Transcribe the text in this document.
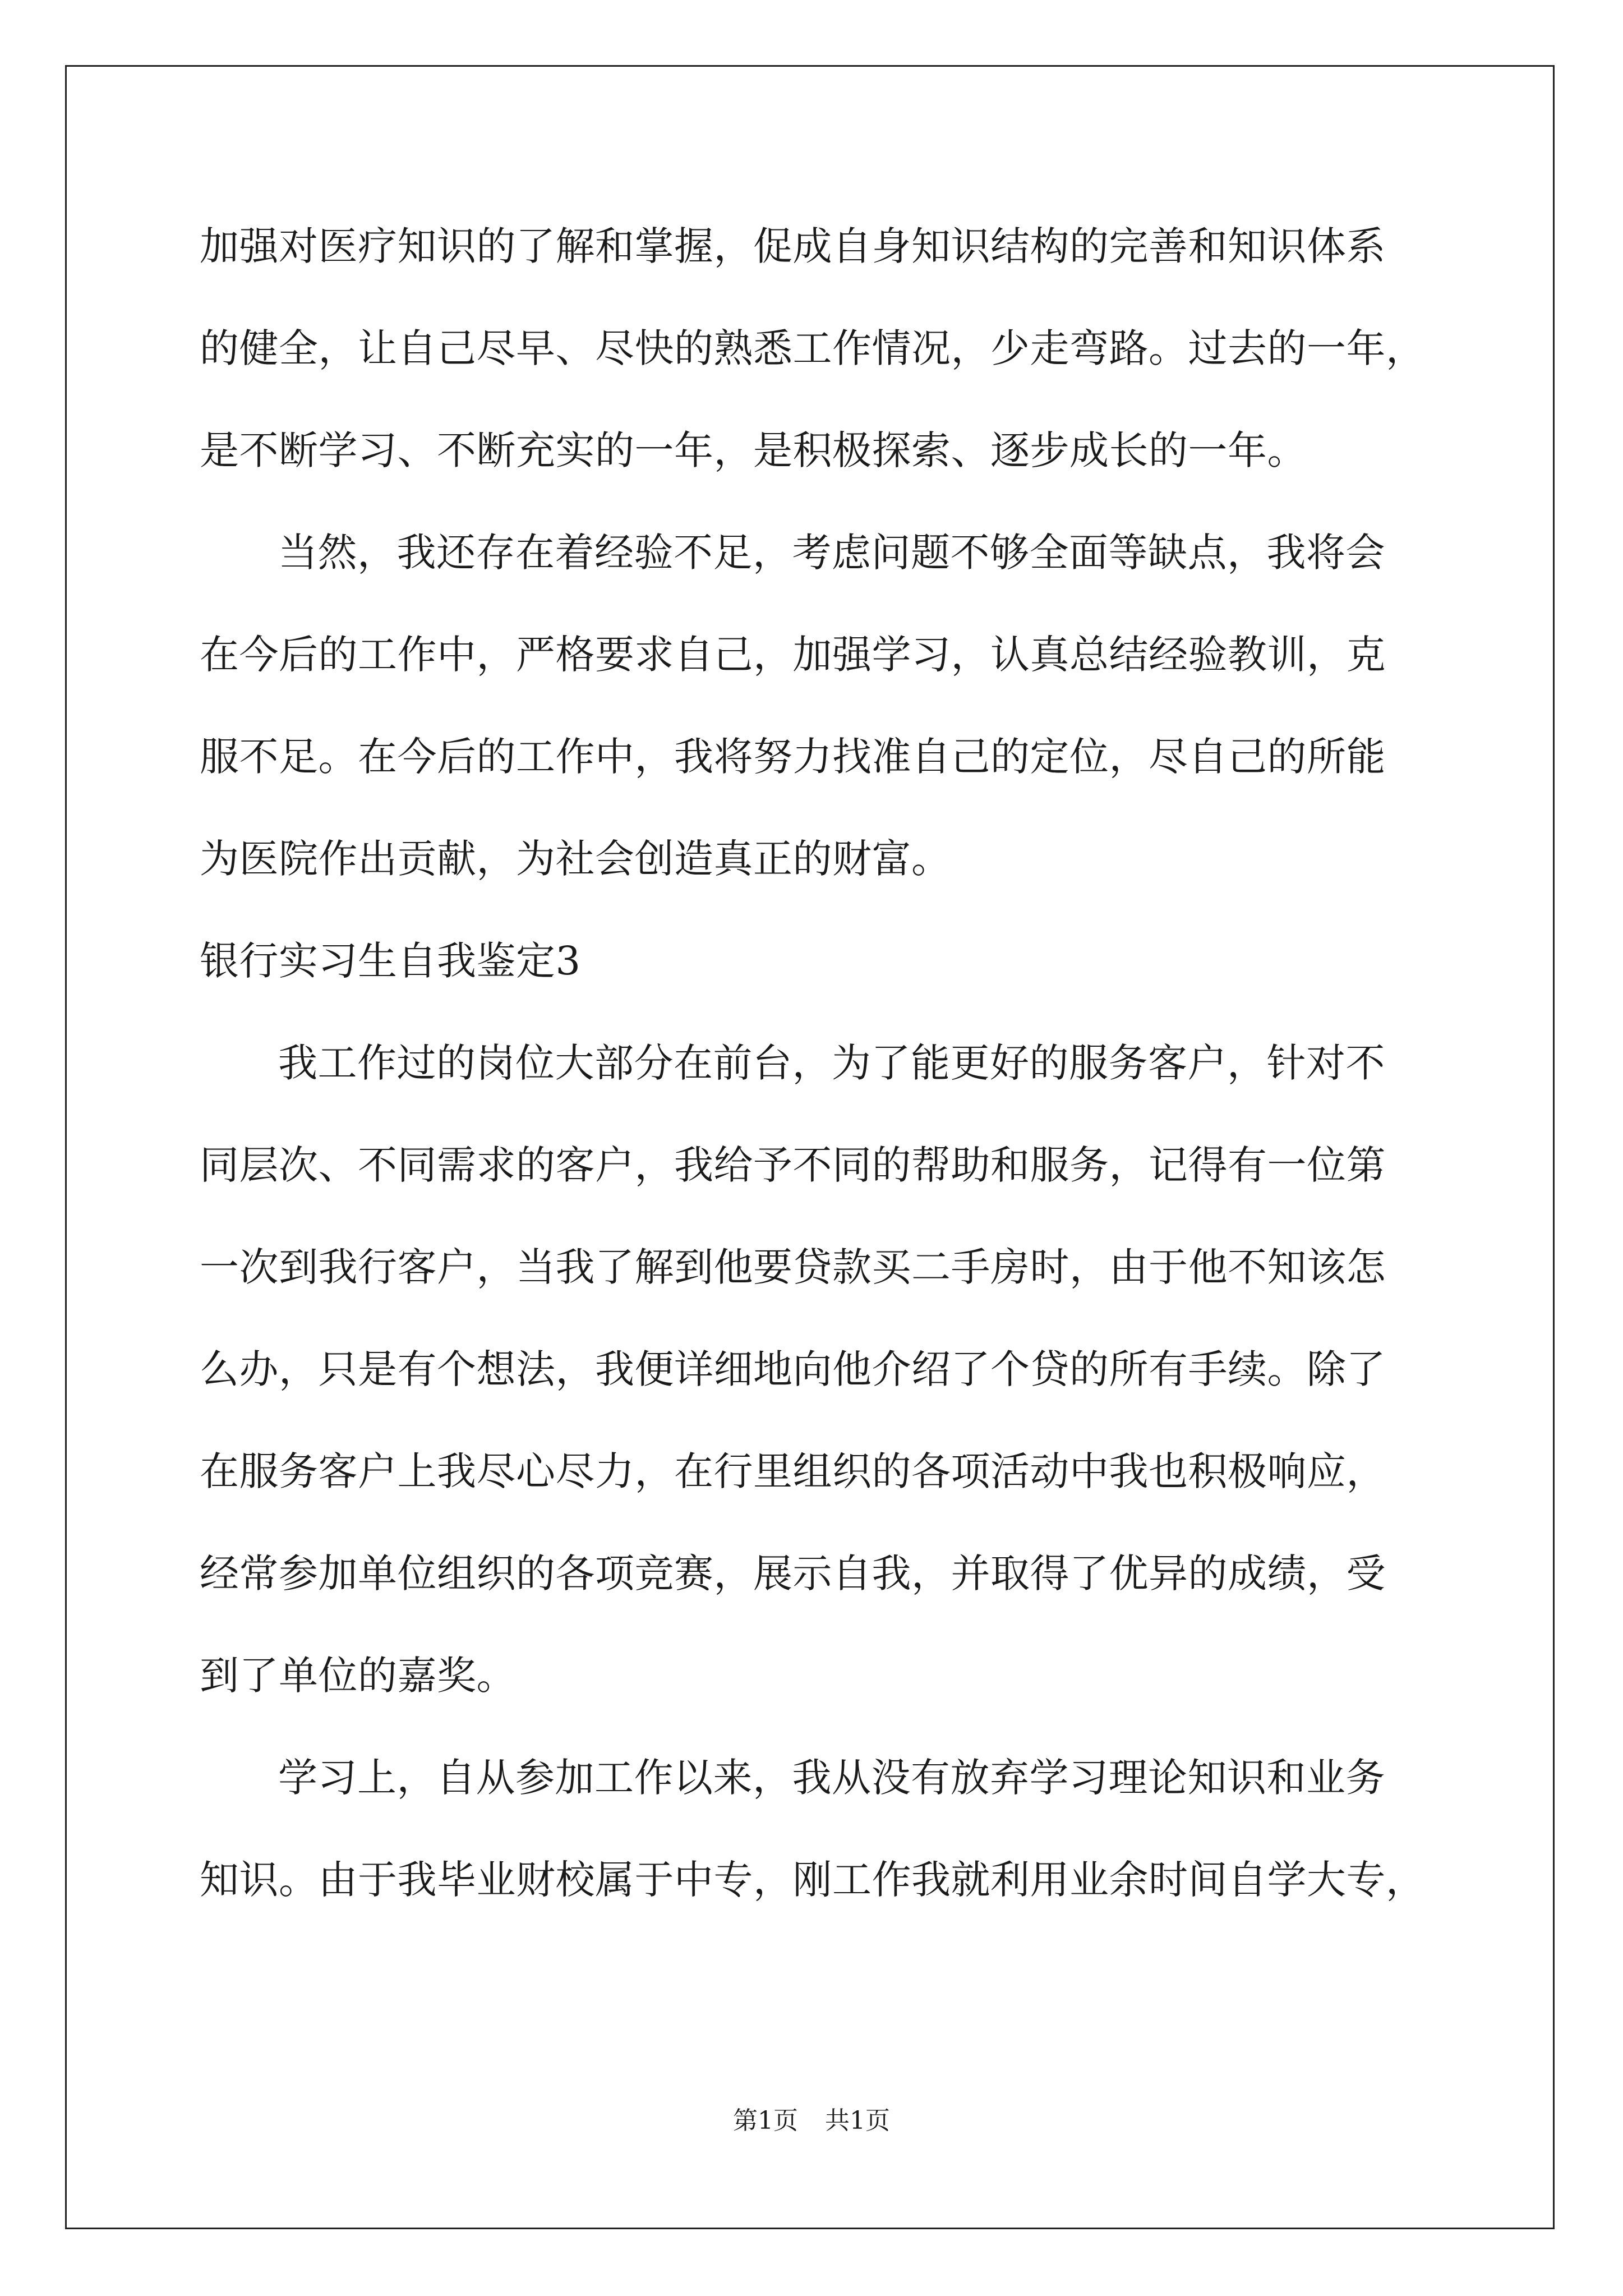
加强对医疗知识的了解和掌握，促成自身知识结构的完善和知识体系
的健全，让自己尽早、尽快的熟悉工作情况，少走弯路。过去的一年，
是不断学习、不断充实的一年，是积极探索、逐步成长的一年。
当然，我还存在着经验不足，考虑问题不够全面等缺点，我将会
在今后的工作中，严格要求自己，加强学习，认真总结经验教训，克
服不足。在今后的工作中，我将努力找准自己的定位，尽自己的所能
为医院作出贡献，为社会创造真正的财富。
银行实习生自我鉴定3
我工作过的岗位大部分在前台，为了能更好的服务客户，针对不
同层次、不同需求的客户，我给予不同的帮助和服务，记得有一位第
一次到我行客户，当我了解到他要贷款买二手房时，由于他不知该怎
么办，只是有个想法，我便详细地向他介绍了个贷的所有手续。除了
在服务客户上我尽心尽力，在行里组织的各项活动中我也积极响应，
经常参加单位组织的各项竞赛，展示自我，并取得了优异的成绩，受
到了单位的嘉奖。
学习上，自从参加工作以来，我从没有放弃学习理论知识和业务
知识。由于我毕业财校属于中专，刚工作我就利用业余时间自学大专，
第1页 共1页
